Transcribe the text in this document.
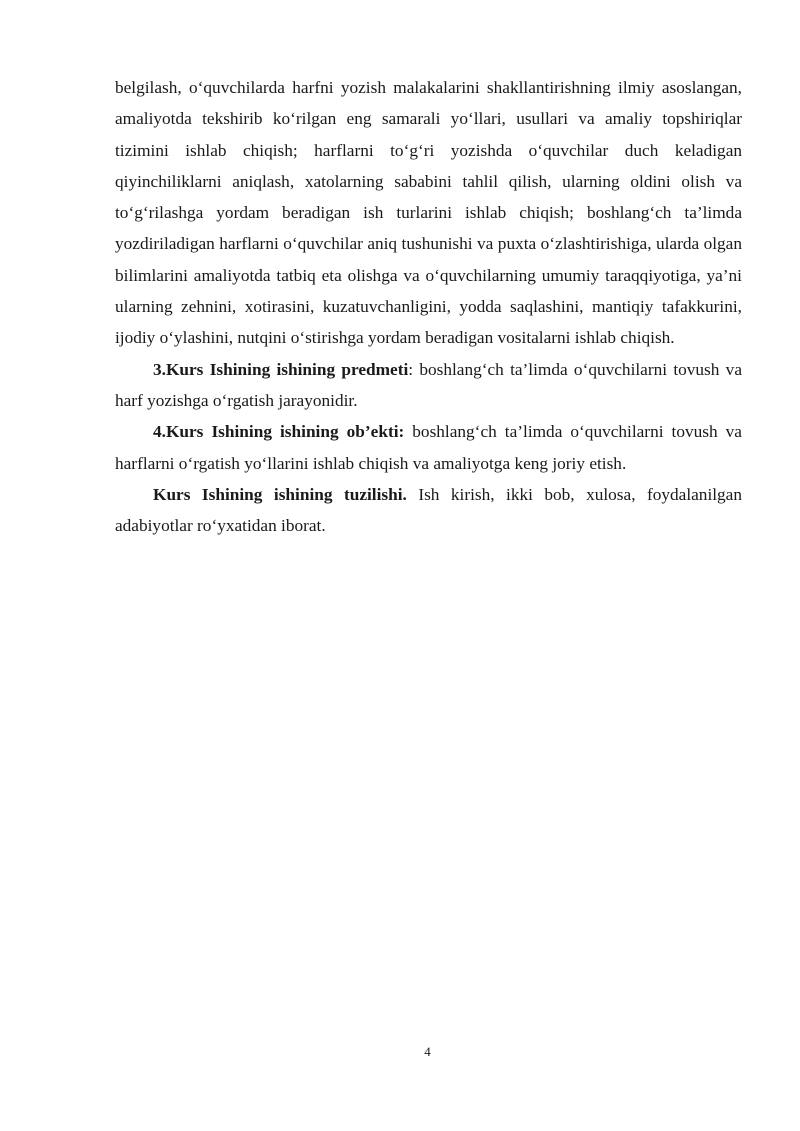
belgilash, o‘quvchilarda harfni yozish malakalarini shakllantirishning ilmiy asoslangan, amaliyotda tekshirib ko‘rilgan eng samarali yo‘llari, usullari va amaliy topshiriqlar tizimini ishlab chiqish; harflarni to‘g‘ri yozishda o‘quvchilar duch keladigan qiyinchiliklarni aniqlash, xatolarning sababini tahlil qilish, ularning oldini olish va to‘g‘rilashga yordam beradigan ish turlarini ishlab chiqish; boshlang‘ch ta’limda yozdiriladigan harflarni o‘quvchilar aniq tushunishi va puxta o‘zlashtirishiga, ularda olgan bilimlarini amaliyotda tatbiq eta olishga va o‘quvchilarning umumiy taraqqiyotiga, ya’ni ularning zehnini, xotirasini, kuzatuvchanligini, yodda saqlashini, mantiqiy tafakkurini, ijodiy o‘ylashini, nutqini o‘stirishga yordam beradigan vositalarni ishlab chiqish.

3.Kurs Ishining ishining predmeti: boshlang‘ch ta’limda o‘quvchilarni tovush va harf yozishga o‘rgatish jarayonidir.

4.Kurs Ishining ishining ob’ekti: boshlang‘ch ta’limda o‘quvchilarni tovush va harflarni o‘rgatish yo‘llarini ishlab chiqish va amaliyotga keng joriy etish.

Kurs Ishining ishining tuzilishi. Ish kirish, ikki bob, xulosa, foydalanilgan adabiyotlar ro‘yxatidan iborat.

4
